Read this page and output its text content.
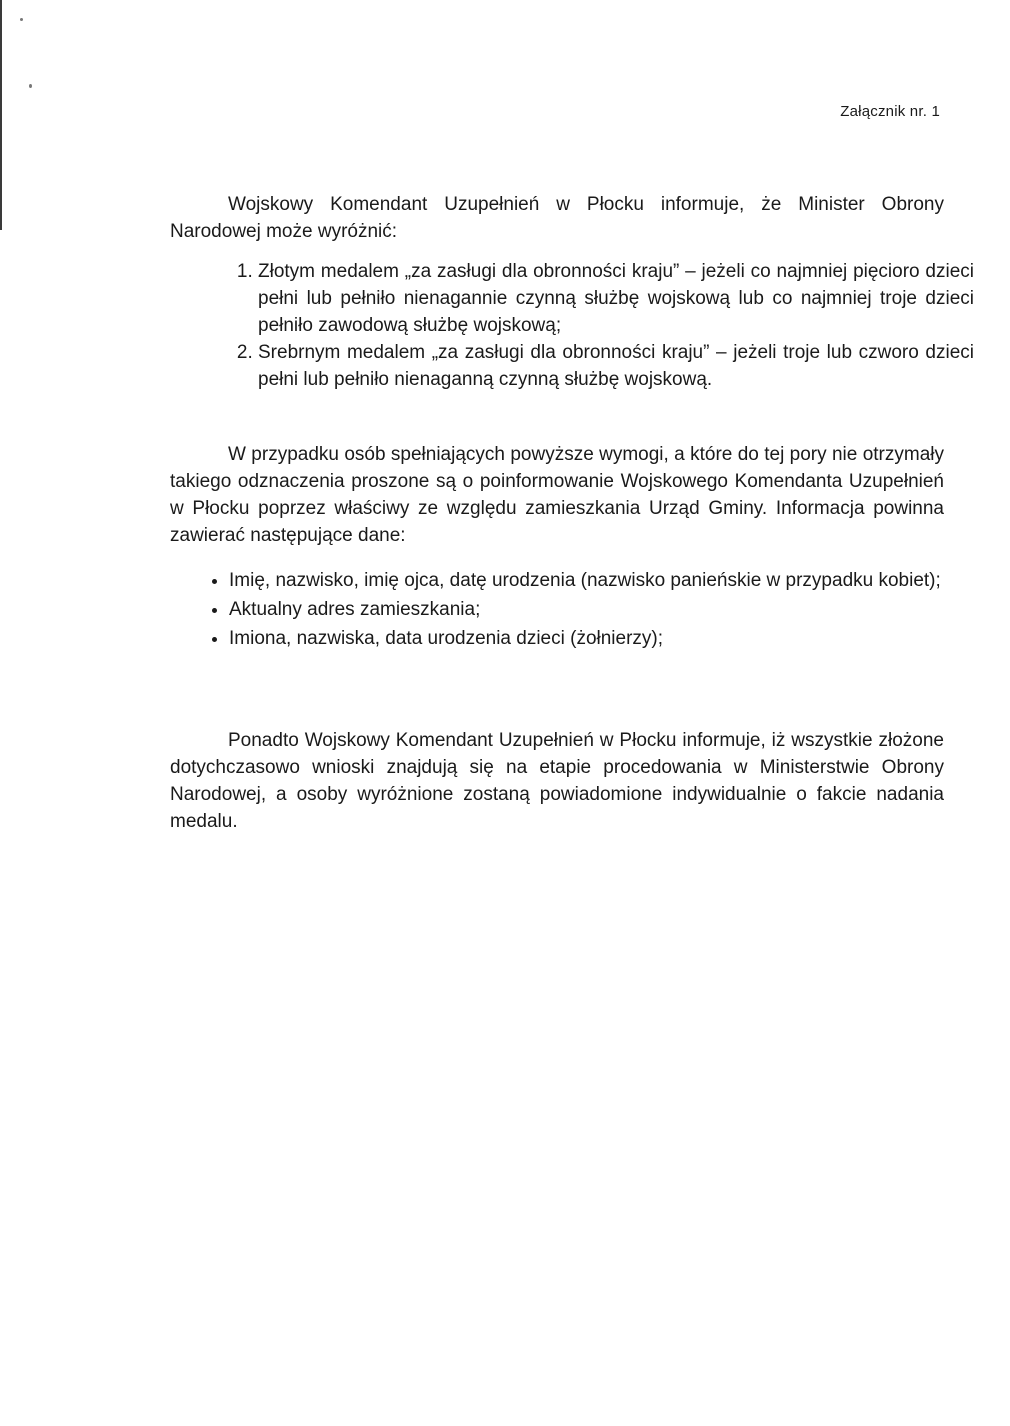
Załącznik nr. 1

Wojskowy Komendant Uzupełnień w Płocku informuje, że Minister Obrony Narodowej może wyróżnić:

1. Złotym medalem „za zasługi dla obronności kraju” – jeżeli co najmniej pięcioro dzieci pełni lub pełniło nienagannie czynną służbę wojskową lub co najmniej troje dzieci pełniło zawodową służbę wojskową;
2. Srebrnym medalem „za zasługi dla obronności kraju” – jeżeli troje lub czworo dzieci pełni lub pełniło nienaganną czynną służbę wojskową.

W przypadku osób spełniających powyższe wymogi, a które do tej pory nie otrzymały takiego odznaczenia proszone są o poinformowanie Wojskowego Komendanta Uzupełnień w Płocku poprzez właściwy ze względu zamieszkania Urząd Gminy. Informacja powinna zawierać następujące dane:

• Imię, nazwisko, imię ojca, datę urodzenia (nazwisko panieńskie w przypadku kobiet);
• Aktualny adres zamieszkania;
• Imiona, nazwiska, data urodzenia dzieci (żołnierzy);

Ponadto Wojskowy Komendant Uzupełnień w Płocku informuje, iż wszystkie złożone dotychczasowo wnioski znajdują się na etapie procedowania w Ministerstwie Obrony Narodowej, a osoby wyróżnione zostaną powiadomione indywidualnie o fakcie nadania medalu.
